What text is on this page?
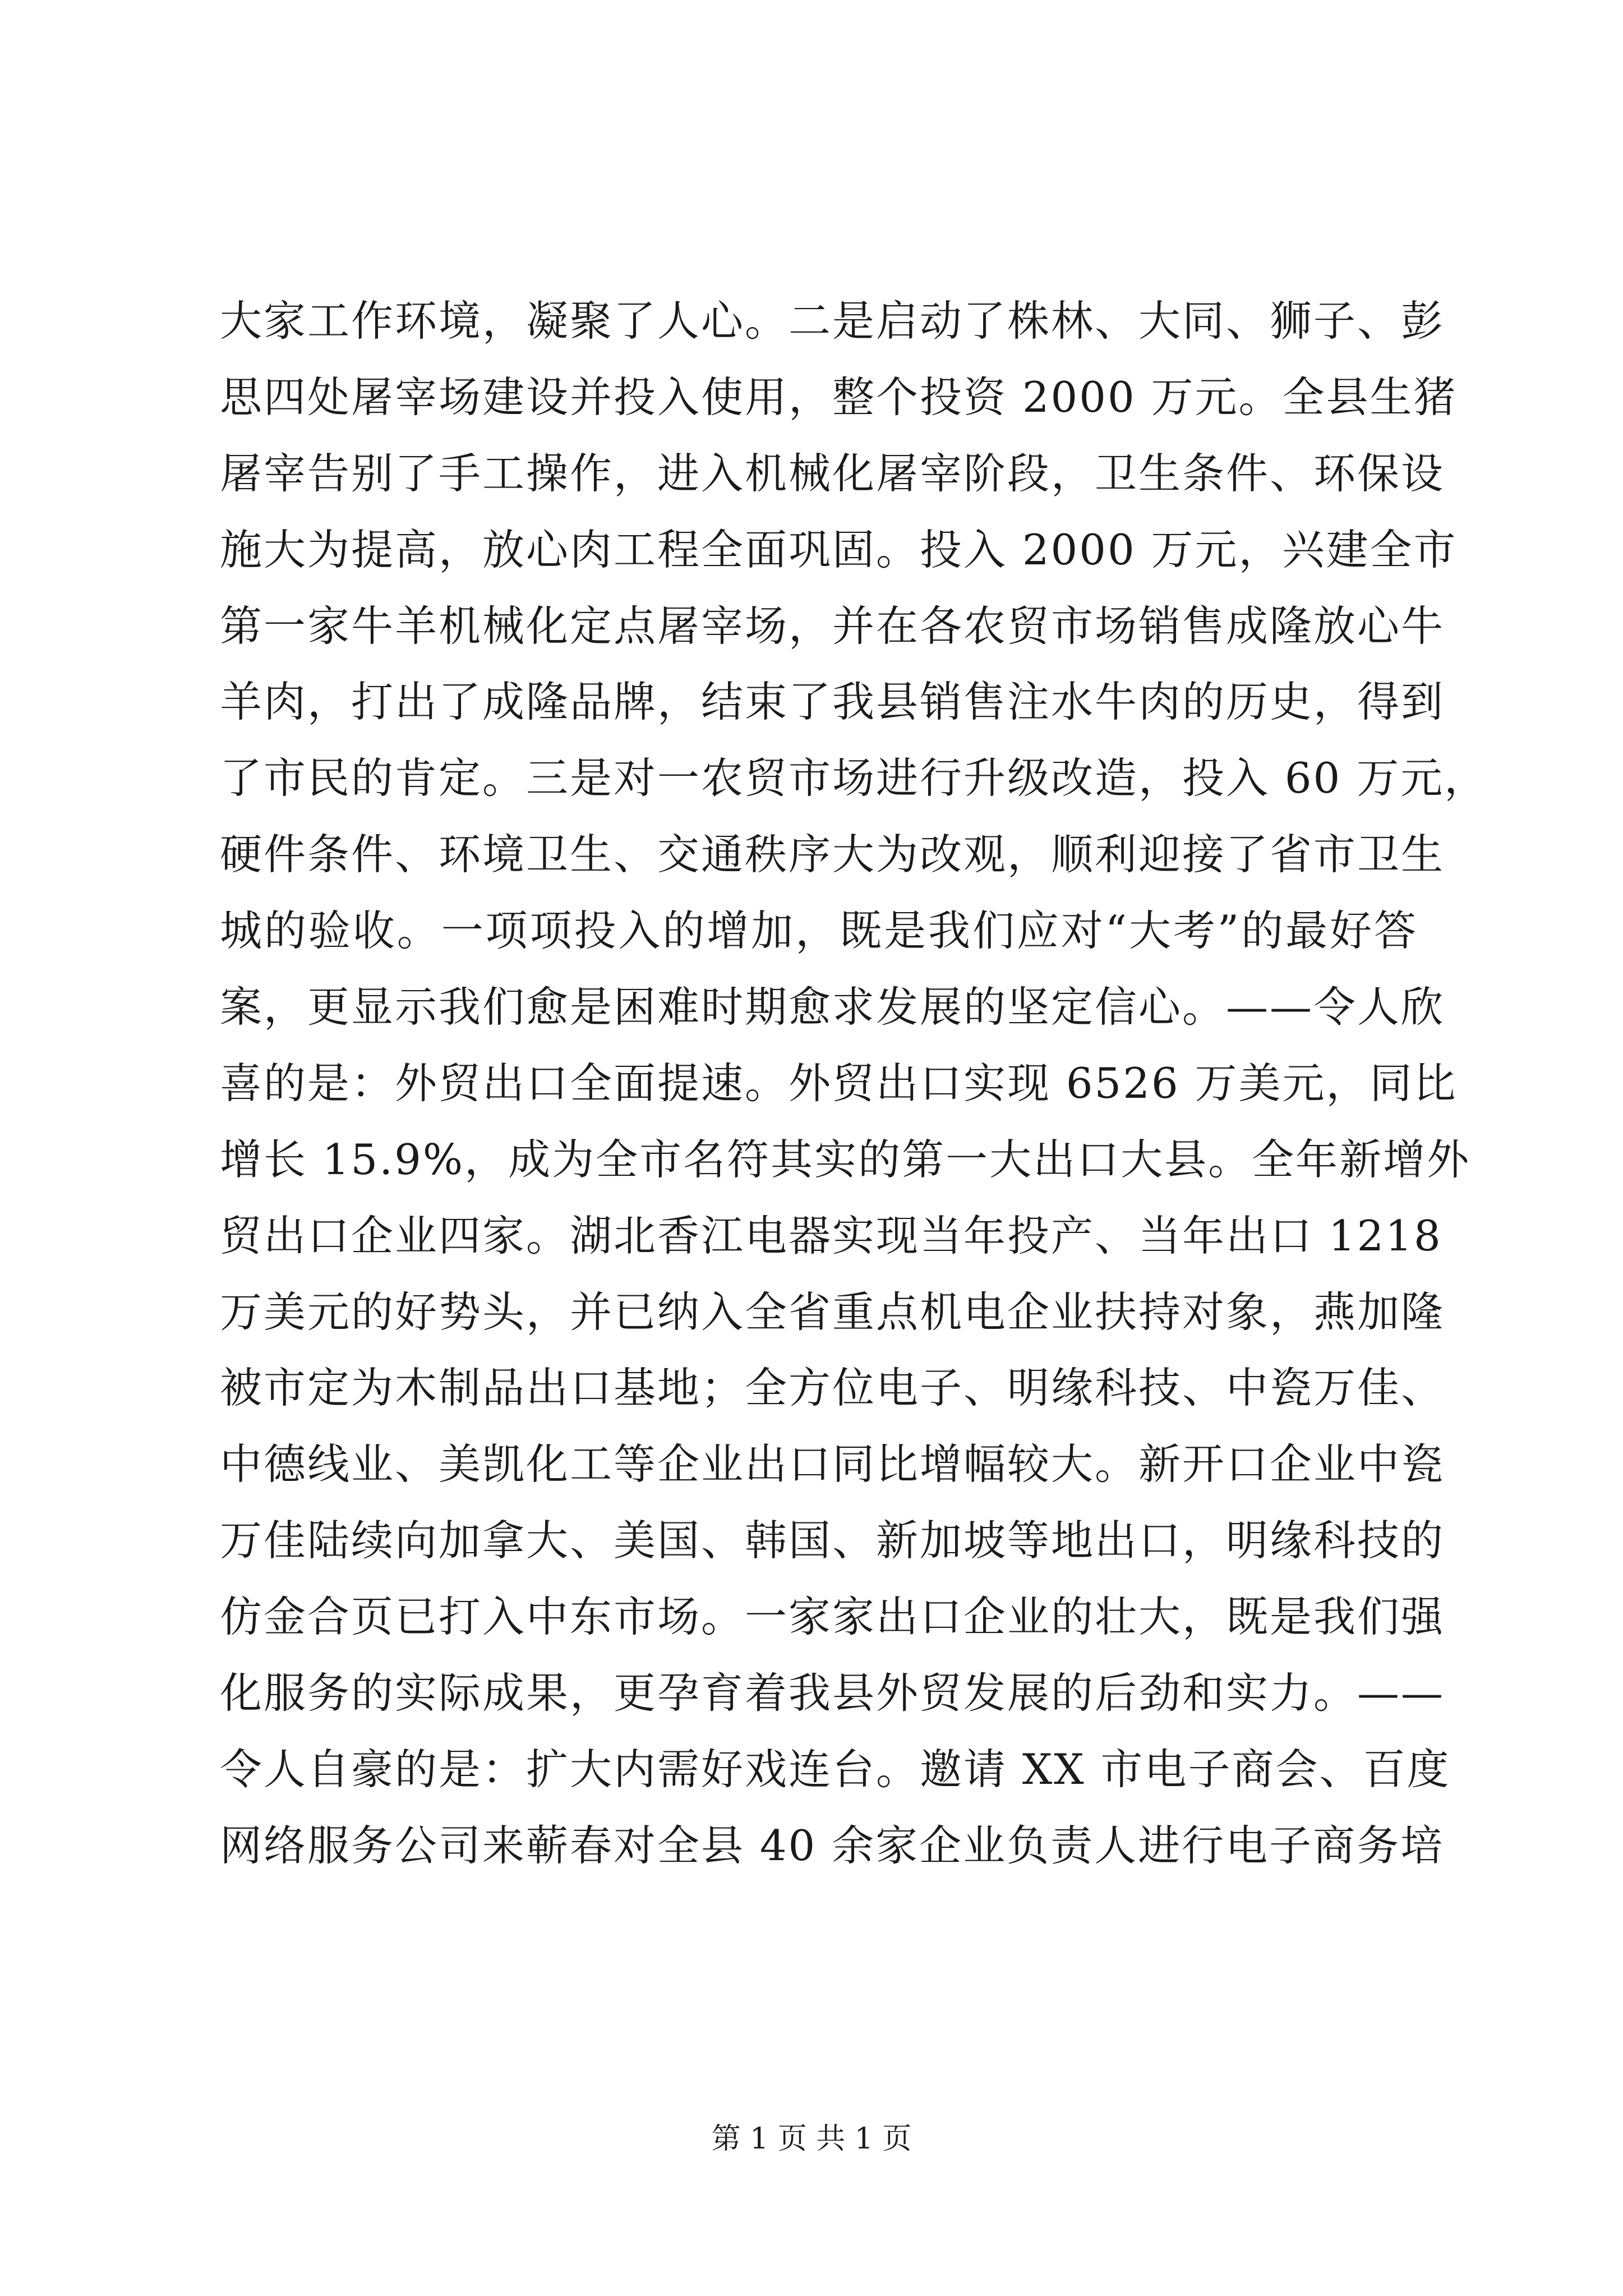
大家工作环境，凝聚了人心。二是启动了株林、大同、狮子、彭
思四处屠宰场建设并投入使用，整个投资 2000 万元。全县生猪
屠宰告别了手工操作，进入机械化屠宰阶段，卫生条件、环保设
施大为提高，放心肉工程全面巩固。投入 2000 万元，兴建全市
第一家牛羊机械化定点屠宰场，并在各农贸市场销售成隆放心牛
羊肉，打出了成隆品牌，结束了我县销售注水牛肉的历史，得到
了市民的肯定。三是对一农贸市场进行升级改造，投入 60 万元，
硬件条件、环境卫生、交通秩序大为改观，顺利迎接了省市卫生
城的验收。一项项投入的增加，既是我们应对“大考”的最好答
案，更显示我们愈是困难时期愈求发展的坚定信心。——令人欣
喜的是：外贸出口全面提速。外贸出口实现 6526 万美元，同比
增长 15.9%，成为全市名符其实的第一大出口大县。全年新增外
贸出口企业四家。湖北香江电器实现当年投产、当年出口 1218
万美元的好势头，并已纳入全省重点机电企业扶持对象，燕加隆
被市定为木制品出口基地；全方位电子、明缘科技、中瓷万佳、
中德线业、美凯化工等企业出口同比增幅较大。新开口企业中瓷
万佳陆续向加拿大、美国、韩国、新加坡等地出口，明缘科技的
仿金合页已打入中东市场。一家家出口企业的壮大，既是我们强
化服务的实际成果，更孕育着我县外贸发展的后劲和实力。——
令人自豪的是：扩大内需好戏连台。邀请 XX 市电子商会、百度
网络服务公司来蕲春对全县 40 余家企业负责人进行电子商务培
第 1 页 共 1 页
